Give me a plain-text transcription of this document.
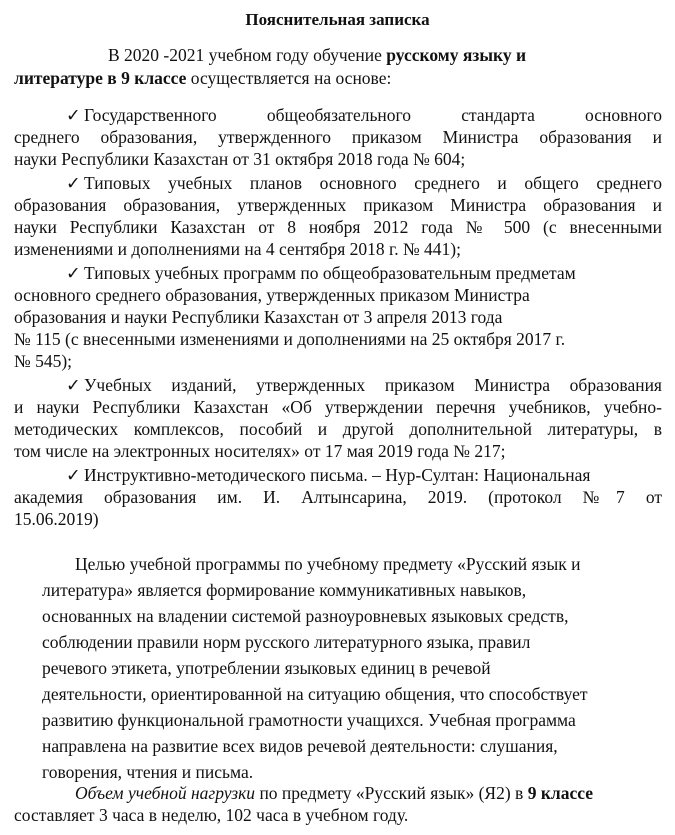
Пояснительная записка
В 2020 -2021 учебном году обучение русскому языку и
литературе в 9 классе осуществляется на основе:
✓ Государственного общеобязательного стандарта основного
среднего образования, утвержденного приказом Министра образования и
науки Республики Казахстан от 31 октября 2018 года № 604;
✓ Типовых учебных планов основного среднего и общего среднего
образования образования, утвержденных приказом Министра образования и
науки Республики Казахстан от 8 ноября 2012 года № 500 (с внесенными
изменениями и дополнениями на 4 сентября 2018 г. № 441);
✓ Типовых учебных программ по общеобразовательным предметам
основного среднего образования, утвержденных приказом Министра
образования и науки Республики Казахстан от 3 апреля 2013 года
№ 115 (с внесенными изменениями и дополнениями на 25 октября 2017 г.
№ 545);
✓ Учебных изданий, утвержденных приказом Министра образования
и науки Республики Казахстан «Об утверждении перечня учебников, учебно-
методических комплексов, пособий и другой дополнительной литературы, в
том числе на электронных носителях» от 17 мая 2019 года № 217;
✓ Инструктивно-методического письма. – Нур-Султан: Национальная
академия образования им. И. Алтынсарина, 2019. (протокол №7 от
15.06.2019)
Целью учебной программы по учебному предмету «Русский язык и
литература» является формирование коммуникативных навыков,
основанных на владении системой разноуровневых языковых средств,
соблюдении правили норм русского литературного языка, правил
речевого этикета, употреблении языковых единиц в речевой
деятельности, ориентированной на ситуацию общения, что способствует
развитию функциональной грамотности учащихся. Учебная программа
направлена на развитие всех видов речевой деятельности: слушания,
говорения, чтения и письма.
Объем учебной нагрузки по предмету «Русский язык» (Я2) в 9 классе
составляет 3 часа в неделю, 102 часа в учебном году.
